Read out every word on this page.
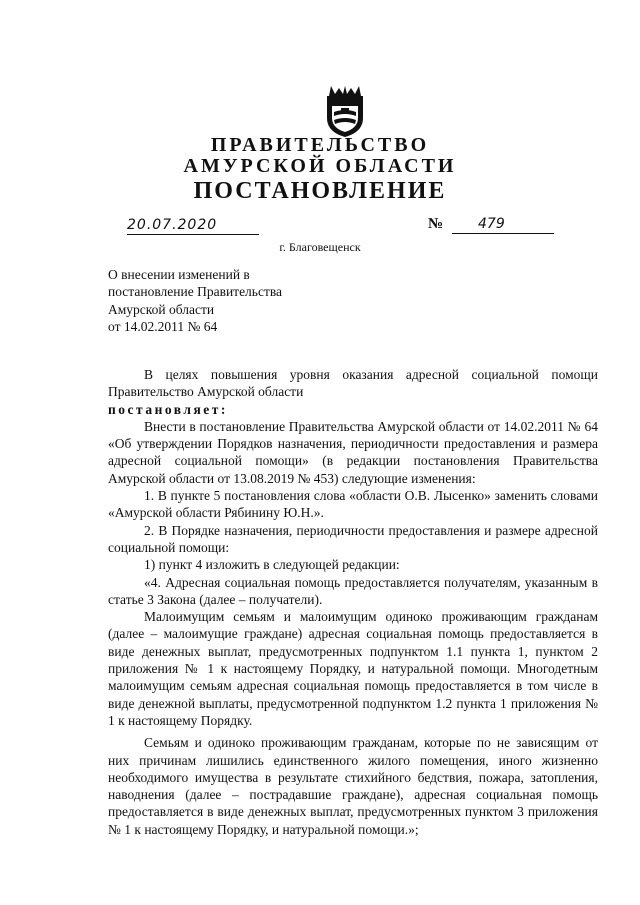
ПРАВИТЕЛЬСТВО
АМУРСКОЙ ОБЛАСТИ
ПОСТАНОВЛЕНИЕ
20.07.2020	№ 479
г. Благовещенск
О внесении изменений в
постановление Правительства
Амурской области
от 14.02.2011 № 64

В целях повышения уровня оказания адресной социальной помощи Правительство Амурской области

постановляет:

Внести в постановление Правительства Амурской области от 14.02.2011 № 64 «Об утверждении Порядков назначения, периодичности предоставления и размера адресной социальной помощи» (в редакции постановления Правительства Амурской области от 13.08.2019 № 453) следующие изменения:

1. В пункте 5 постановления слова «области О.В. Лысенко» заменить словами «Амурской области Рябинину Ю.Н.».

2. В Порядке назначения, периодичности предоставления и размере адресной социальной помощи:

1) пункт 4 изложить в следующей редакции:

«4. Адресная социальная помощь предоставляется получателям, указанным в статье 3 Закона (далее – получатели).

Малоимущим семьям и малоимущим одиноко проживающим гражданам (далее – малоимущие граждане) адресная социальная помощь предоставляется в виде денежных выплат, предусмотренных подпунктом 1.1 пункта 1, пунктом 2 приложения № 1 к настоящему Порядку, и натуральной помощи. Многодетным малоимущим семьям адресная социальная помощь предоставляется в том числе в виде денежной выплаты, предусмотренной подпунктом 1.2 пункта 1 приложения № 1 к настоящему Порядку.

Семьям и одиноко проживающим гражданам, которые по не зависящим от них причинам лишились единственного жилого помещения, иного жизненно необходимого имущества в результате стихийного бедствия, пожара, затопления, наводнения (далее – пострадавшие граждане), адресная социальная помощь предоставляется в виде денежных выплат, предусмотренных пунктом 3 приложения № 1 к настоящему Порядку, и натуральной помощи.»;
